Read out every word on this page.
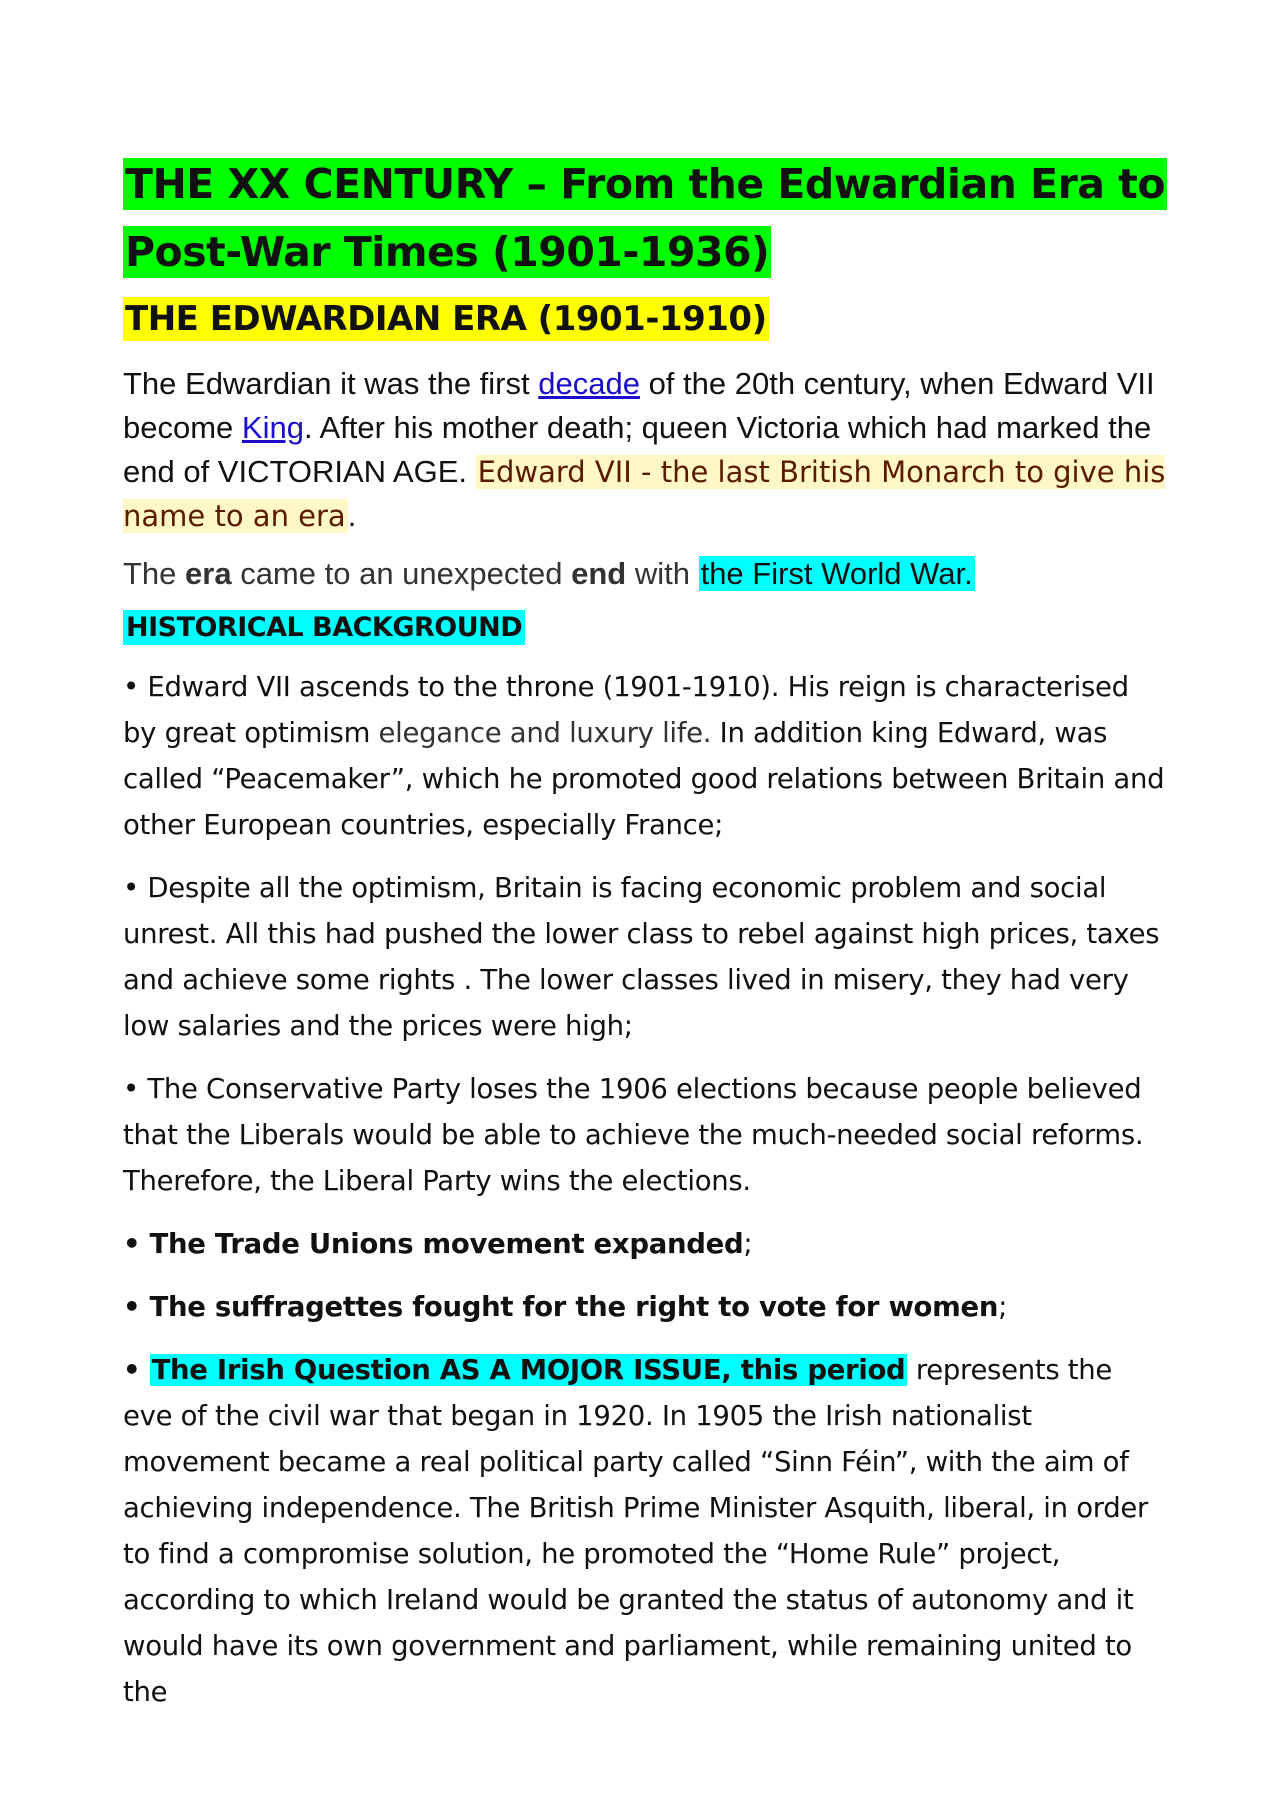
THE XX CENTURY – From the Edwardian Era to Post-War Times (1901-1936)
THE EDWARDIAN ERA (1901-1910)

The Edwardian it was the first decade of the 20th century, when Edward VII become King. After his mother death; queen Victoria which had marked the end of VICTORIAN AGE. Edward VII - the last British Monarch to give his name to an era.

The era came to an unexpected end with the First World War.

HISTORICAL BACKGROUND

• Edward VII ascends to the throne (1901-1910). His reign is characterised by great optimism elegance and luxury life. In addition king Edward, was called “Peacemaker”, which he promoted good relations between Britain and other European countries, especially France;

• Despite all the optimism, Britain is facing economic problem and social unrest. All this had pushed the lower class to rebel against high prices, taxes and achieve some rights . The lower classes lived in misery, they had very low salaries and the prices were high;

• The Conservative Party loses the 1906 elections because people believed that the Liberals would be able to achieve the much-needed social reforms. Therefore, the Liberal Party wins the elections.

• The Trade Unions movement expanded;

• The suffragettes fought for the right to vote for women;

• The Irish Question AS A MOJOR ISSUE, this period represents the eve of the civil war that began in 1920. In 1905 the Irish nationalist movement became a real political party called “Sinn Féin”, with the aim of achieving independence. The British Prime Minister Asquith, liberal, in order to find a compromise solution, he promoted the “Home Rule” project, according to which Ireland would be granted the status of autonomy and it would have its own government and parliament, while remaining united to the
